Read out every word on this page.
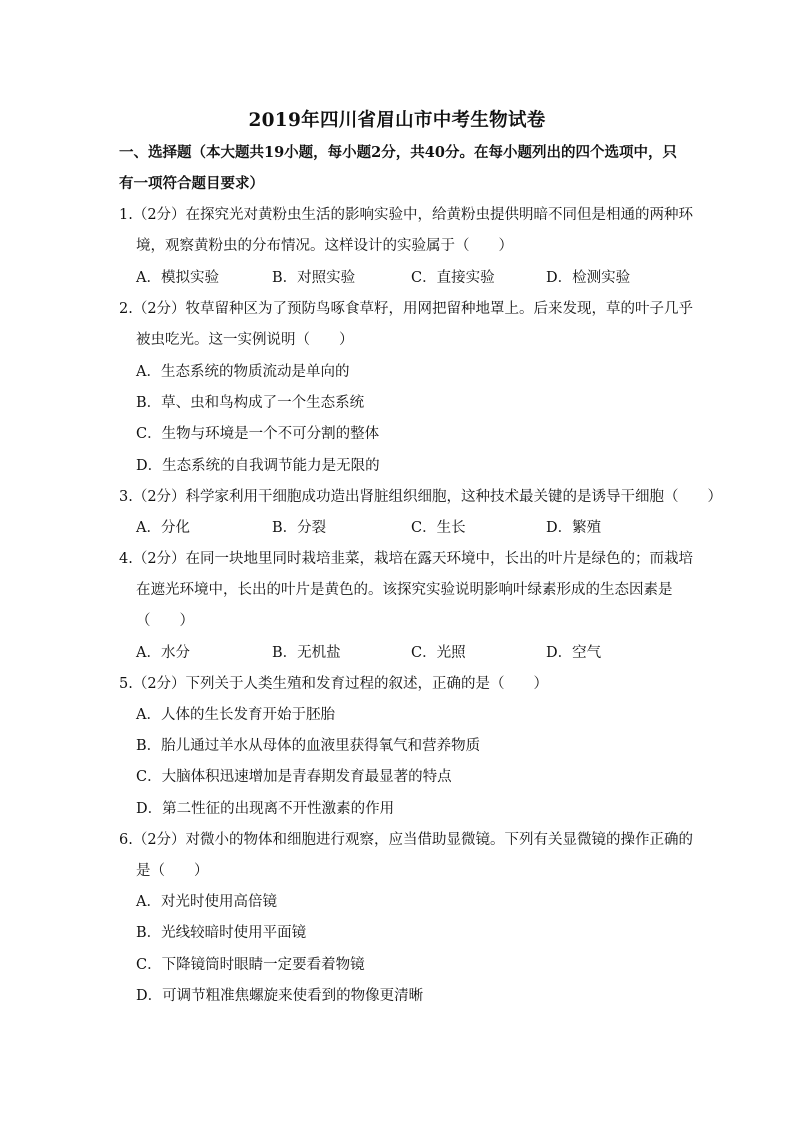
2019年四川省眉山市中考生物试卷
一、选择题（本大题共19小题，每小题2分，共40分。在每小题列出的四个选项中，只
有一项符合题目要求）
1.（2分）在探究光对黄粉虫生活的影响实验中，给黄粉虫提供明暗不同但是相通的两种环
境，观察黄粉虫的分布情况。这样设计的实验属于（　　）
A．模拟实验	B．对照实验	C．直接实验	D．检测实验
2.（2分）牧草留种区为了预防鸟啄食草籽，用网把留种地罩上。后来发现，草的叶子几乎
被虫吃光。这一实例说明（　　）
A．生态系统的物质流动是单向的
B．草、虫和鸟构成了一个生态系统
C．生物与环境是一个不可分割的整体
D．生态系统的自我调节能力是无限的
3.（2分）科学家利用干细胞成功造出肾脏组织细胞，这种技术最关键的是诱导干细胞（　　）
A．分化	B．分裂	C．生长	D．繁殖
4.（2分）在同一块地里同时栽培韭菜，栽培在露天环境中，长出的叶片是绿色的；而栽培
在遮光环境中，长出的叶片是黄色的。该探究实验说明影响叶绿素形成的生态因素是
（　　）
A．水分	B．无机盐	C．光照	D．空气
5.（2分）下列关于人类生殖和发育过程的叙述，正确的是（　　）
A．人体的生长发育开始于胚胎
B．胎儿通过羊水从母体的血液里获得氧气和营养物质
C．大脑体积迅速增加是青春期发育最显著的特点
D．第二性征的出现离不开性激素的作用
6.（2分）对微小的物体和细胞进行观察，应当借助显微镜。下列有关显微镜的操作正确的
是（　　）
A．对光时使用高倍镜
B．光线较暗时使用平面镜
C．下降镜筒时眼睛一定要看着物镜
D．可调节粗准焦螺旋来使看到的物像更清晰
